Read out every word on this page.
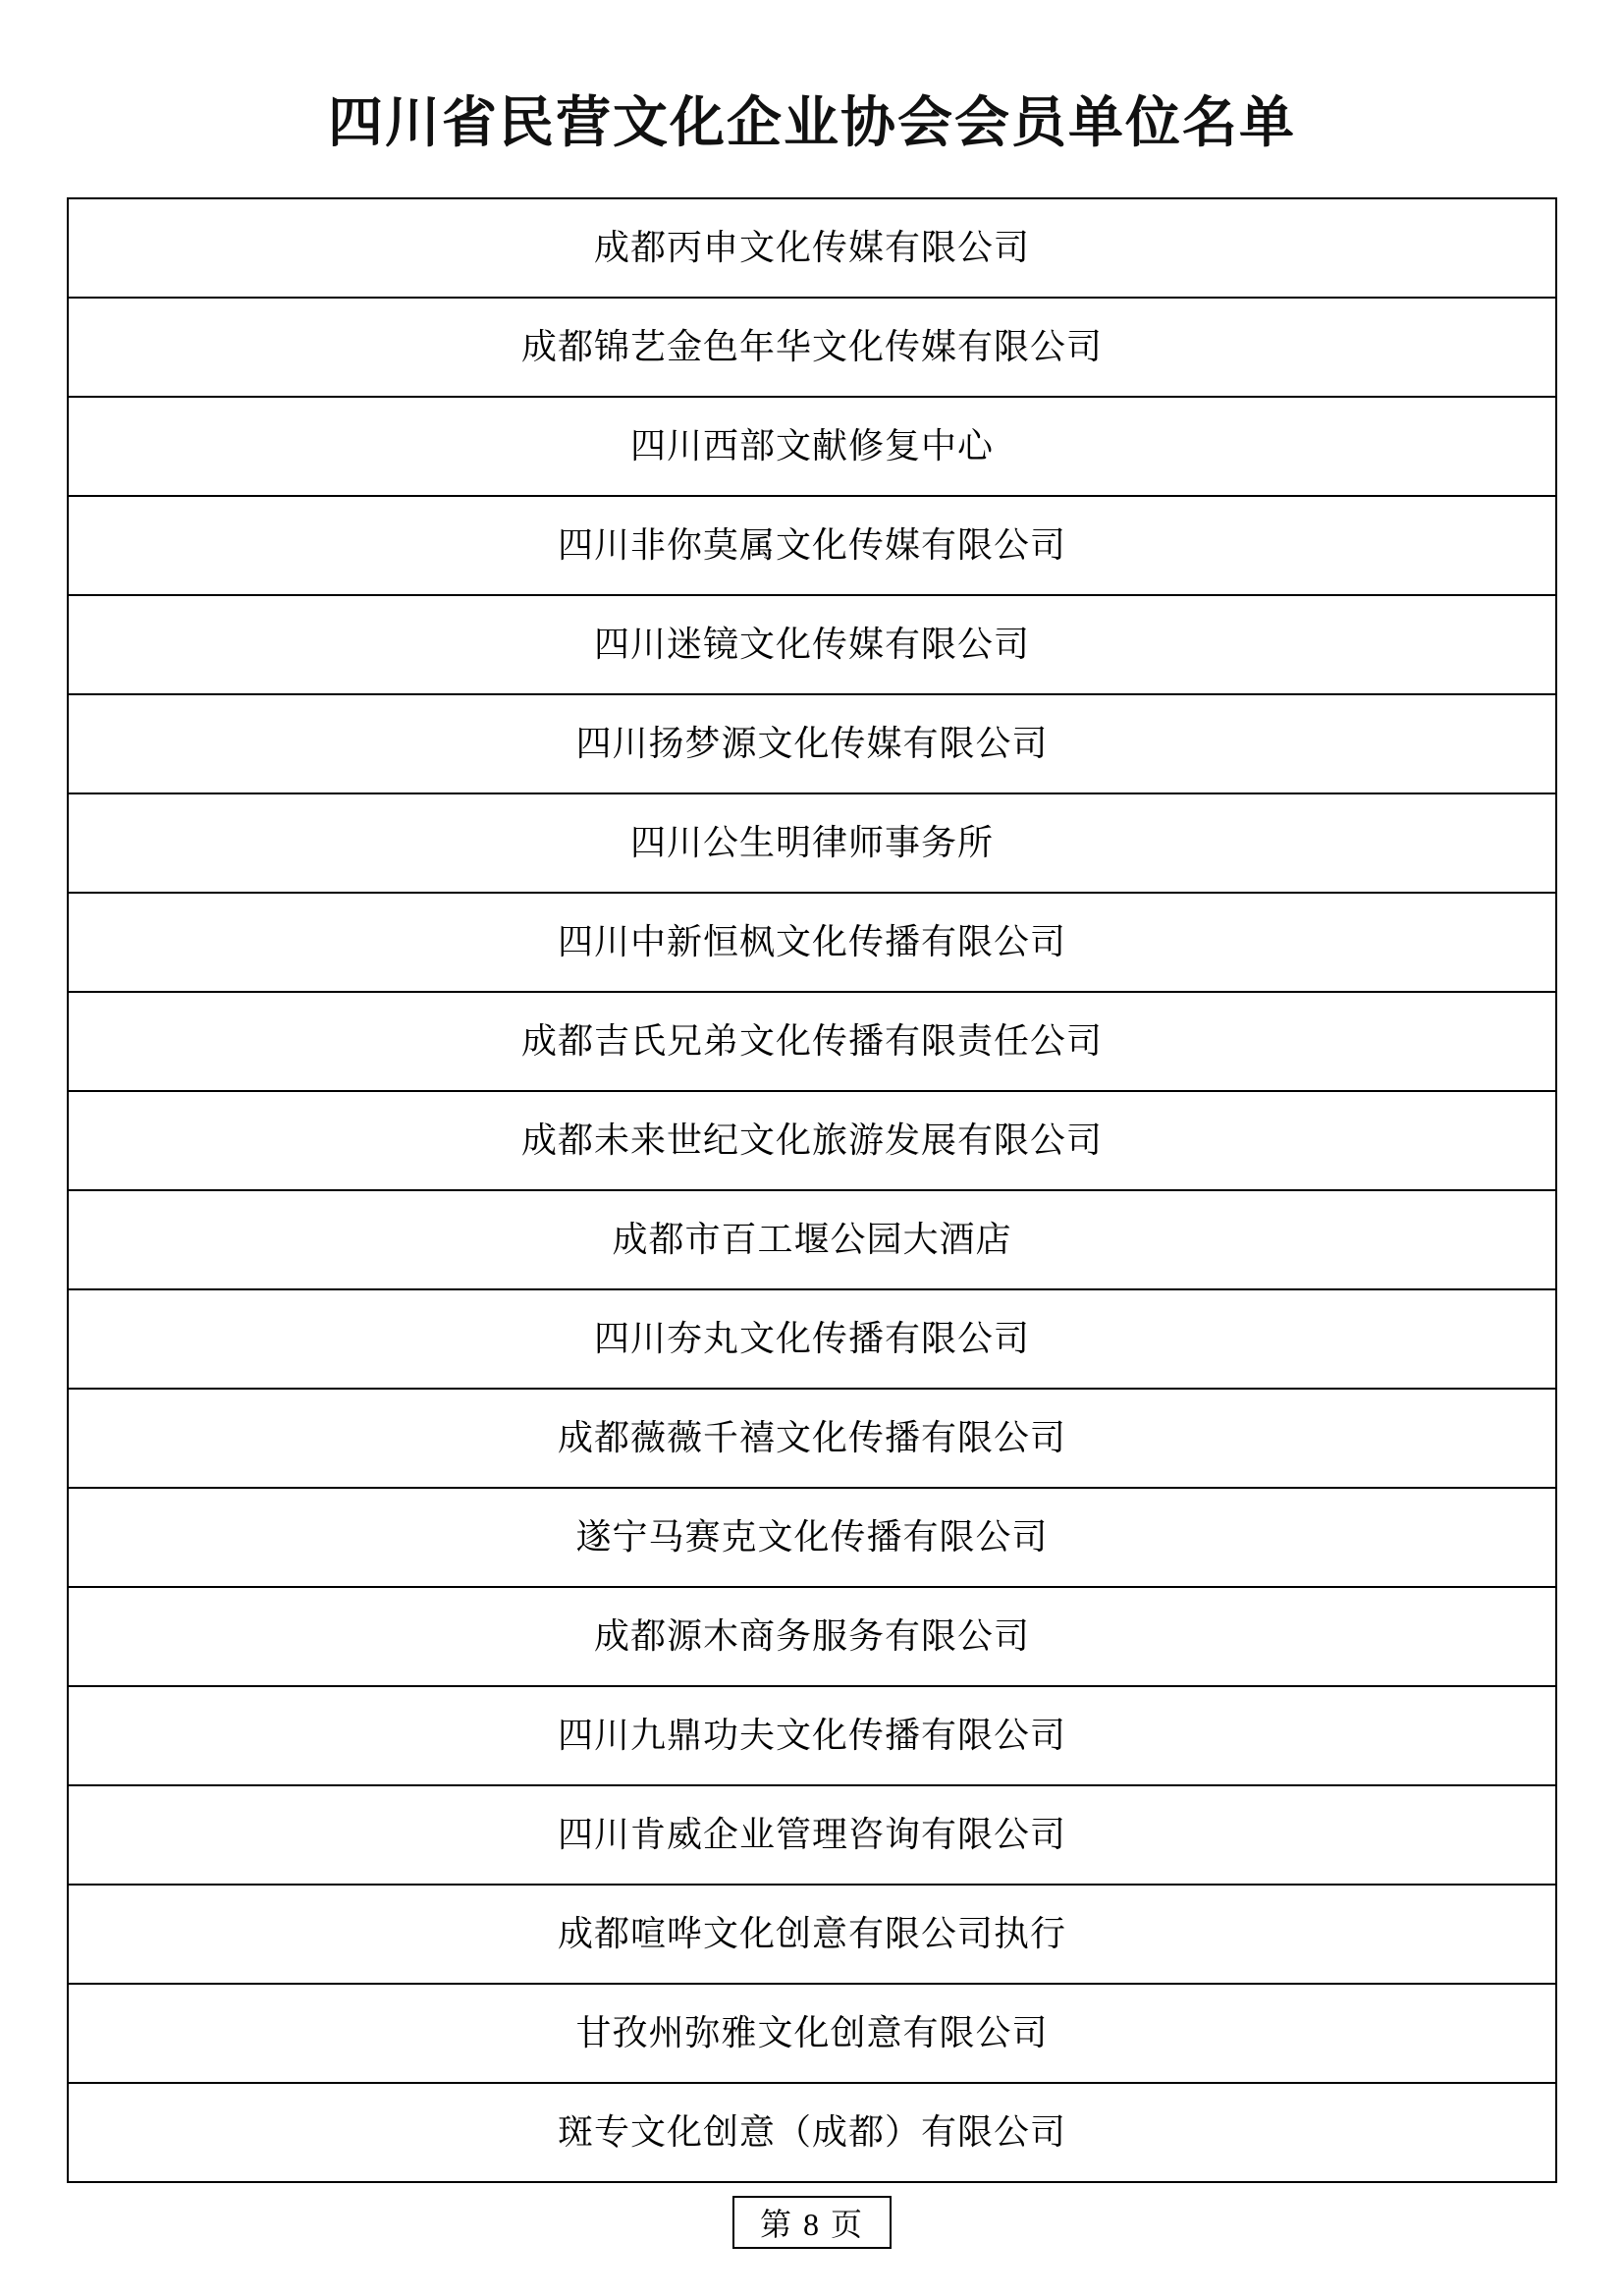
四川省民营文化企业协会会员单位名单
成都丙申文化传媒有限公司
成都锦艺金色年华文化传媒有限公司
四川西部文献修复中心
四川非你莫属文化传媒有限公司
四川迷镜文化传媒有限公司
四川扬梦源文化传媒有限公司
四川公生明律师事务所
四川中新恒枫文化传播有限公司
成都吉氏兄弟文化传播有限责任公司
成都未来世纪文化旅游发展有限公司
成都市百工堰公园大酒店
四川夯丸文化传播有限公司
成都薇薇千禧文化传播有限公司
遂宁马赛克文化传播有限公司
成都源木商务服务有限公司
四川九鼎功夫文化传播有限公司
四川肯威企业管理咨询有限公司
成都喧哗文化创意有限公司执行
甘孜州弥雅文化创意有限公司
斑专文化创意（成都）有限公司
第 8 页
